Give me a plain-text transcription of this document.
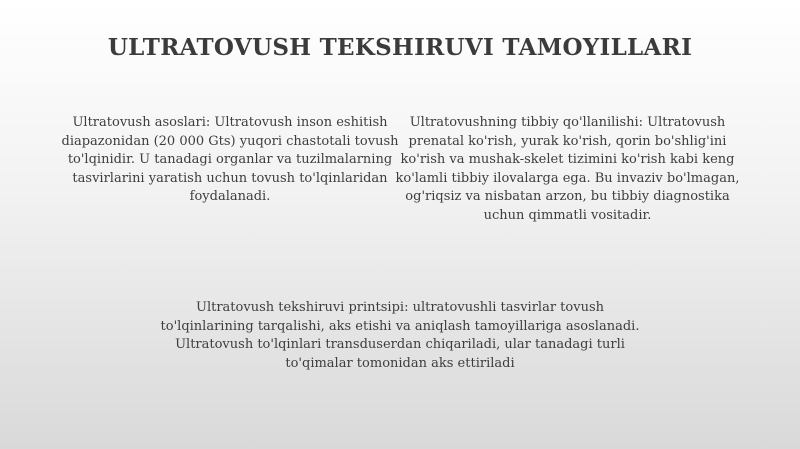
ULTRATOVUSH TEKSHIRUVI TAMOYILLARI

Ultratovush asoslari: Ultratovush inson eshitish diapazonidan (20 000 Gts) yuqori chastotali tovush to'lqinidir. U tanadagi organlar va tuzilmalarning tasvirlarini yaratish uchun tovush to'lqinlaridan foydalanadi.

Ultratovushning tibbiy qo'llanilishi: Ultratovush prenatal ko'rish, yurak ko'rish, qorin bo'shlig'ini ko'rish va mushak-skelet tizimini ko'rish kabi keng ko'lamli tibbiy ilovalarga ega. Bu invaziv bo'lmagan, og'riqsiz va nisbatan arzon, bu tibbiy diagnostika uchun qimmatli vositadir.

Ultratovush tekshiruvi printsipi: ultratovushli tasvirlar tovush to'lqinlarining tarqalishi, aks etishi va aniqlash tamoyillariga asoslanadi. Ultratovush to'lqinlari transduserdan chiqariladi, ular tanadagi turli to'qimalar tomonidan aks ettiriladi
